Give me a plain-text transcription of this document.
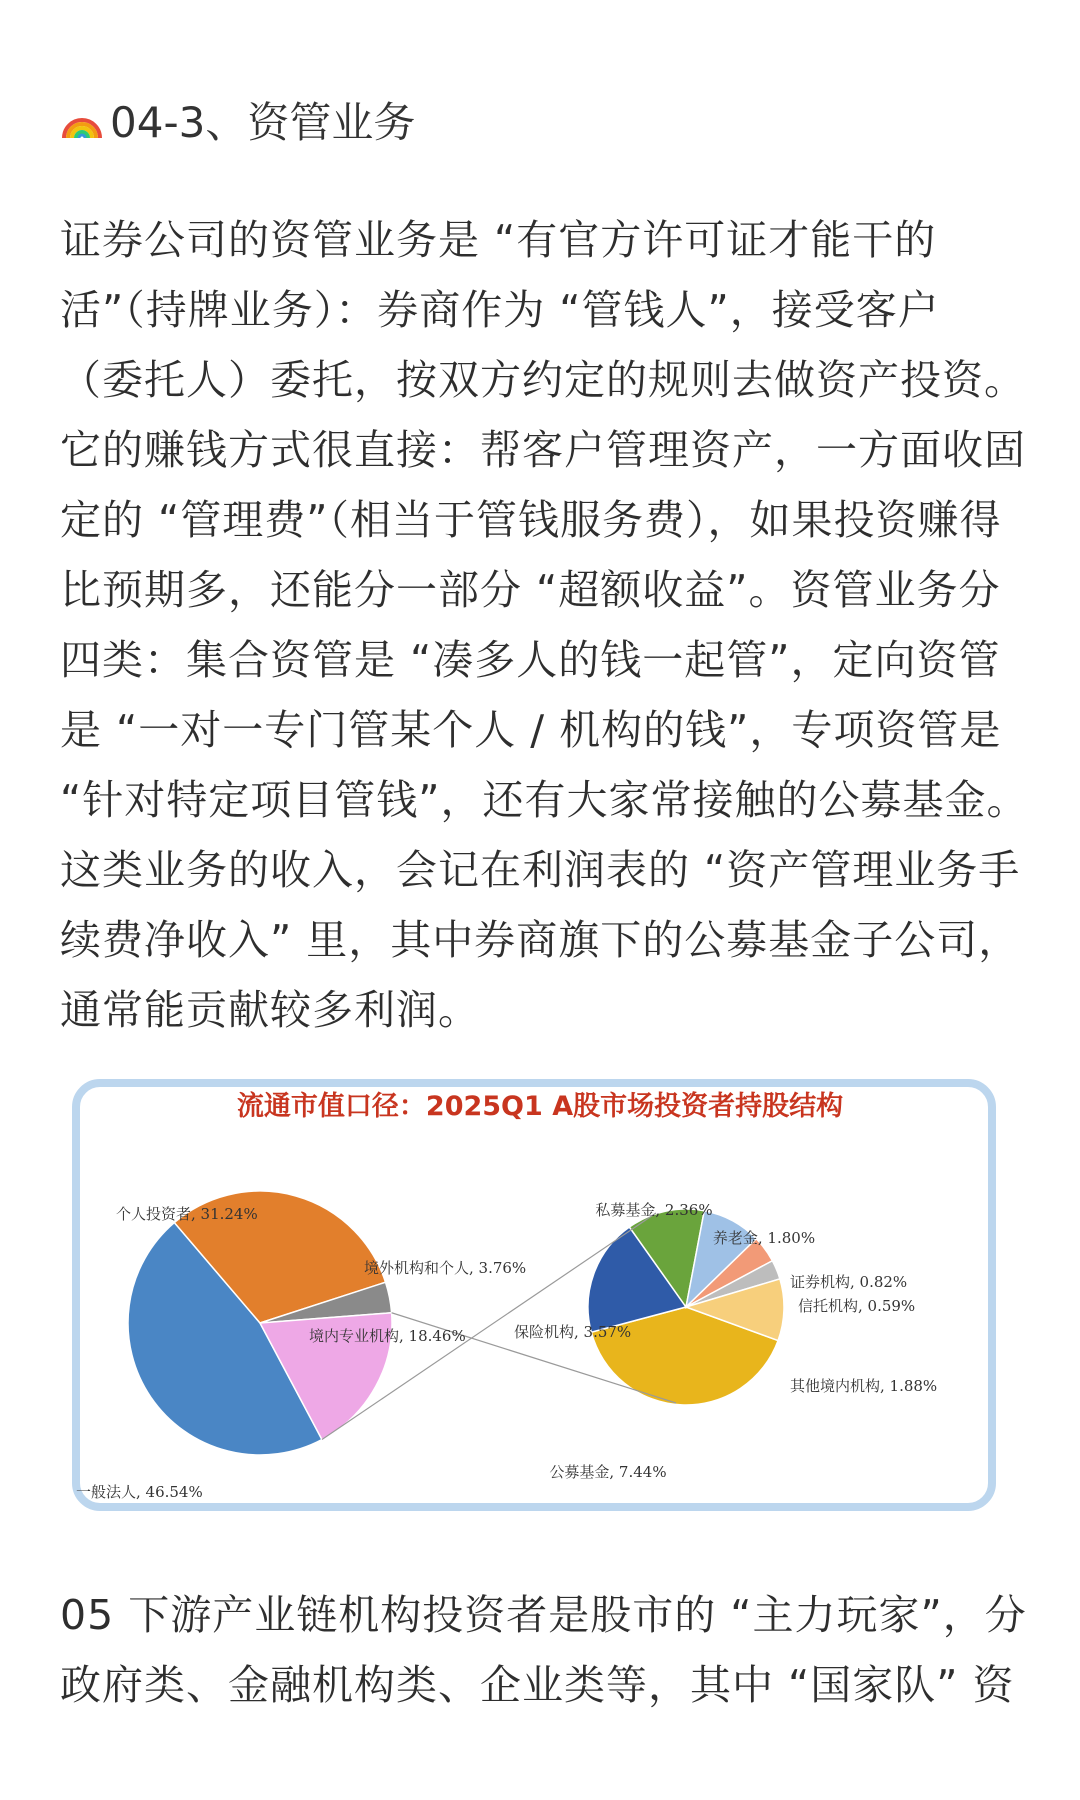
04-3、资管业务
证券公司的资管业务是 “有官方许可证才能干的
活”（持牌业务）：券商作为 “管钱人”，接受客户
（委托人）委托，按双方约定的规则去做资产投资。
它的赚钱方式很直接：帮客户管理资产，一方面收固
定的 “管理费”（相当于管钱服务费），如果投资赚得
比预期多，还能分一部分 “超额收益”。资管业务分
四类：集合资管是 “凑多人的钱一起管”，定向资管
是 “一对一专门管某个人 / 机构的钱”，专项资管是
“针对特定项目管钱”，还有大家常接触的公募基金。
这类业务的收入，会记在利润表的 “资产管理业务手
续费净收入” 里，其中券商旗下的公募基金子公司，
通常能贡献较多利润。
流通市值口径：2025Q1 A股市场投资者持股结构
一般法人, 46.54%
个人投资者, 31.24%
境外机构和个人, 3.76%
境内专业机构, 18.46%
公募基金, 7.44%
保险机构, 3.57%
私募基金, 2.36%
养老金, 1.80%
证券机构, 0.82%
信托机构, 0.59%
其他境内机构, 1.88%
05 下游产业链机构投资者是股市的 “主力玩家”，分
政府类、金融机构类、企业类等，其中 “国家队” 资
